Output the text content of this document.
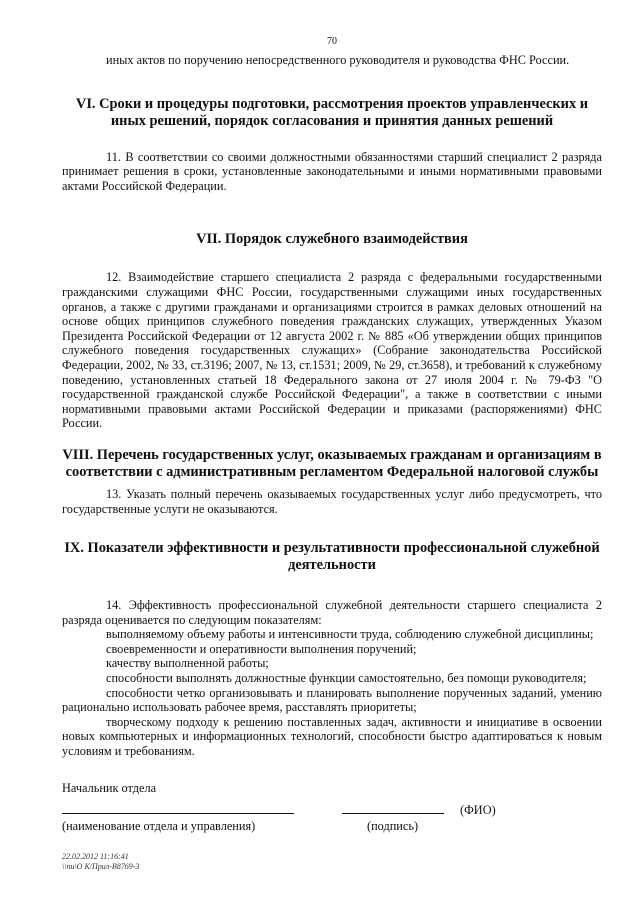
70

иных актов по поручению непосредственного руководителя и руководства ФНС России.

VI. Сроки и процедуры подготовки, рассмотрения проектов управленческих и иных решений, порядок согласования и принятия данных решений

11. В соответствии со своими должностными обязанностями старший специалист 2 разряда принимает решения в сроки, установленные законодательными и иными нормативными правовыми актами Российской Федерации.

VII. Порядок служебного взаимодействия

12. Взаимодействие старшего специалиста 2 разряда с федеральными государственными гражданскими служащими ФНС России, государственными служащими иных государственных органов, а также с другими гражданами и организациями строится в рамках деловых отношений на основе общих принципов служебного поведения гражданских служащих, утвержденных Указом Президента Российской Федерации от 12 августа 2002 г. № 885 «Об утверждении общих принципов служебного поведения государственных служащих» (Собрание законодательства Российской Федерации, 2002, № 33, ст.3196; 2007, № 13, ст.1531; 2009, № 29, ст.3658), и требований к служебному поведению, установленных статьей 18 Федерального закона от 27 июля 2004 г. № 79-ФЗ "О государственной гражданской службе Российской Федерации", а также в соответствии с иными нормативными правовыми актами Российской Федерации и приказами (распоряжениями) ФНС России.

VIII. Перечень государственных услуг, оказываемых гражданам и организациям в соответствии с административным регламентом Федеральной налоговой службы

13. Указать полный перечень оказываемых государственных услуг либо предусмотреть, что государственные услуги не оказываются.

IX. Показатели эффективности и результативности профессиональной служебной деятельности

14. Эффективность профессиональной служебной деятельности старшего специалиста 2 разряда оценивается по следующим показателям:

выполняемому объему работы и интенсивности труда, соблюдению служебной дисциплины;

своевременности и оперативности выполнения поручений;

качеству выполненной работы;

способности выполнять должностные функции самостоятельно, без помощи руководителя;

способности четко организовывать и планировать выполнение порученных заданий, умению рационально использовать рабочее время, расставлять приоритеты;

творческому подходу к решению поставленных задач, активности и инициативе в освоении новых компьютерных и информационных технологий, способности быстро адаптироваться к новым условиям и требованиям.

Начальник отдела
(ФИО)
(наименование отдела и управления)	(подпись)
22.02.2012 11:16:41
\\nu\О К/Прил-В8769-3
